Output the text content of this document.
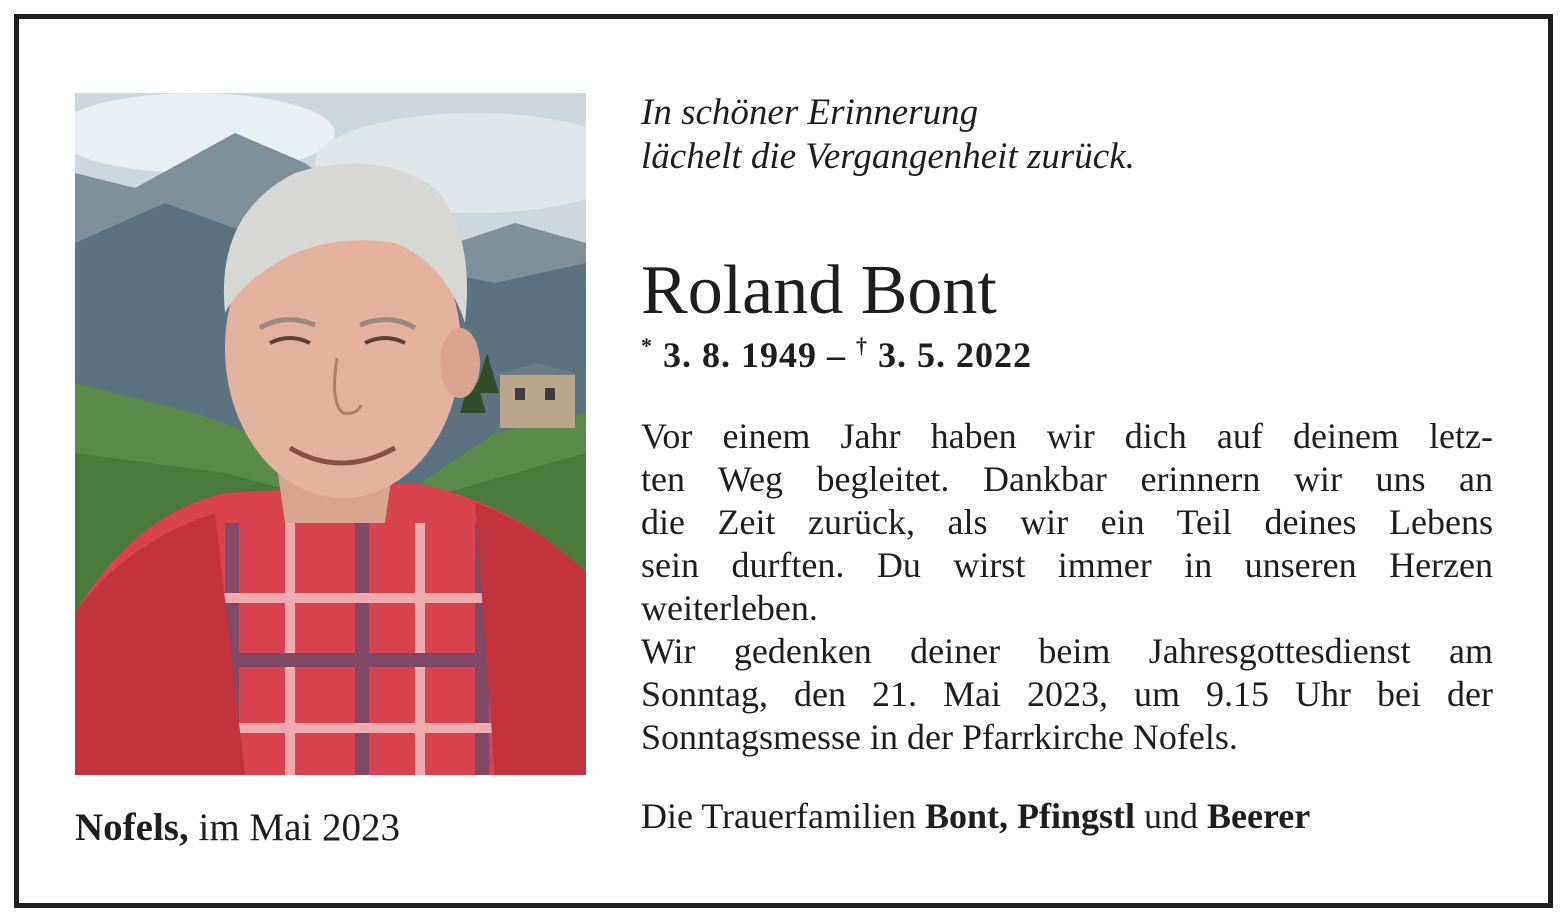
Nofels, im Mai 2023
In schöner Erinnerung
lächelt die Vergangenheit zurück.
Roland Bont
* 3. 8. 1949 – † 3. 5. 2022
Vor einem Jahr haben wir dich auf deinem letz-
ten Weg begleitet. Dankbar erinnern wir uns an
die Zeit zurück, als wir ein Teil deines Lebens
sein durften. Du wirst immer in unseren Herzen
weiterleben.
Wir gedenken deiner beim Jahresgottesdienst am
Sonntag, den 21. Mai 2023, um 9.15 Uhr bei der
Sonntagsmesse in der Pfarrkirche Nofels.
Die Trauerfamilien Bont, Pfingstl und Beerer
